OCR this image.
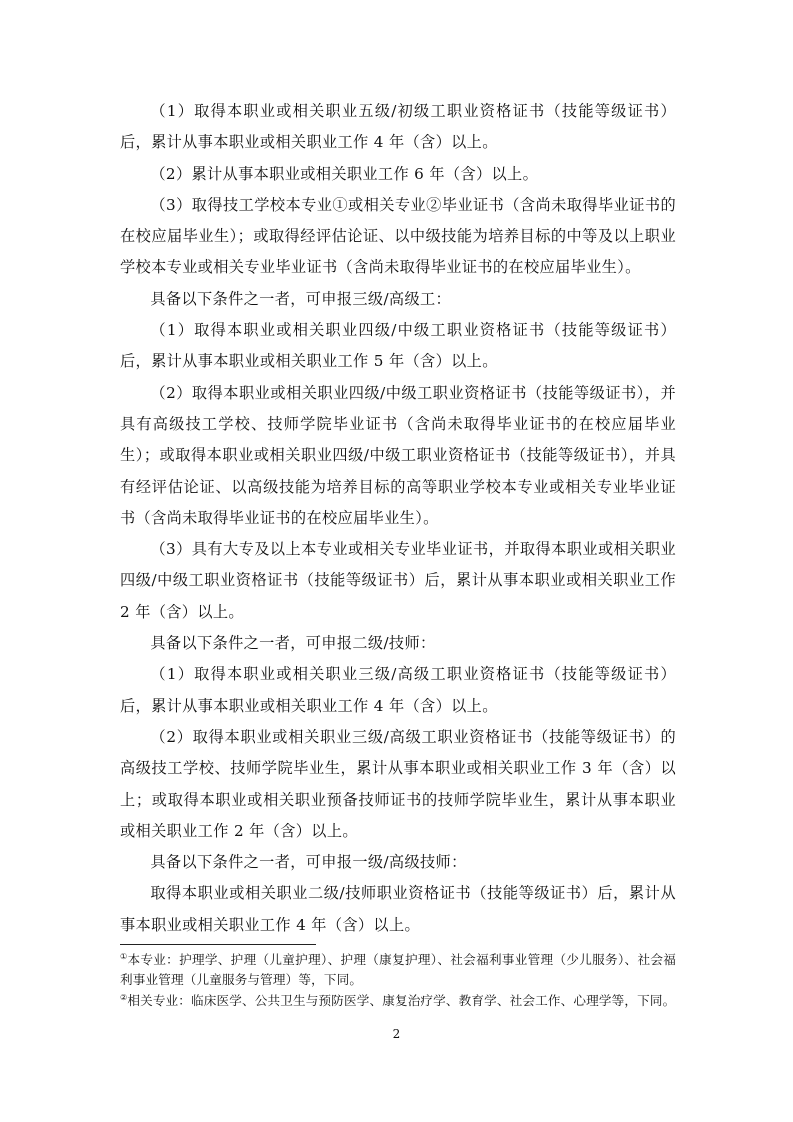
（1）取得本职业或相关职业五级/初级工职业资格证书（技能等级证书）后，累计从事本职业或相关职业工作 4 年（含）以上。

（2）累计从事本职业或相关职业工作 6 年（含）以上。

（3）取得技工学校本专业①或相关专业②毕业证书（含尚未取得毕业证书的在校应届毕业生）；或取得经评估论证、以中级技能为培养目标的中等及以上职业学校本专业或相关专业毕业证书（含尚未取得毕业证书的在校应届毕业生）。

具备以下条件之一者，可申报三级/高级工：

（1）取得本职业或相关职业四级/中级工职业资格证书（技能等级证书）后，累计从事本职业或相关职业工作 5 年（含）以上。

（2）取得本职业或相关职业四级/中级工职业资格证书（技能等级证书），并具有高级技工学校、技师学院毕业证书（含尚未取得毕业证书的在校应届毕业生）；或取得本职业或相关职业四级/中级工职业资格证书（技能等级证书），并具有经评估论证、以高级技能为培养目标的高等职业学校本专业或相关专业毕业证书（含尚未取得毕业证书的在校应届毕业生）。

（3）具有大专及以上本专业或相关专业毕业证书，并取得本职业或相关职业四级/中级工职业资格证书（技能等级证书）后，累计从事本职业或相关职业工作 2 年（含）以上。

具备以下条件之一者，可申报二级/技师：

（1）取得本职业或相关职业三级/高级工职业资格证书（技能等级证书）后，累计从事本职业或相关职业工作 4 年（含）以上。

（2）取得本职业或相关职业三级/高级工职业资格证书（技能等级证书）的高级技工学校、技师学院毕业生，累计从事本职业或相关职业工作 3 年（含）以上；或取得本职业或相关职业预备技师证书的技师学院毕业生，累计从事本职业或相关职业工作 2 年（含）以上。

具备以下条件之一者，可申报一级/高级技师：

取得本职业或相关职业二级/技师职业资格证书（技能等级证书）后，累计从事本职业或相关职业工作 4 年（含）以上。

①本专业：护理学、护理（儿童护理）、护理（康复护理）、社会福利事业管理（少儿服务）、社会福利事业管理（儿童服务与管理）等，下同。

②相关专业：临床医学、公共卫生与预防医学、康复治疗学、教育学、社会工作、心理学等，下同。

2
